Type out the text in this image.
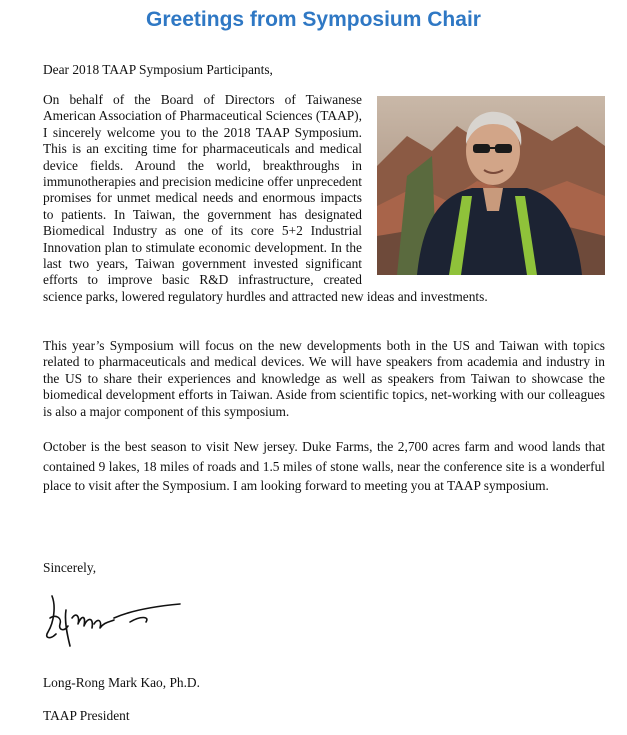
Greetings from Symposium Chair

Dear 2018 TAAP Symposium Participants,

On behalf of the Board of Directors of Taiwanese American Association of Pharmaceutical Sciences (TAAP), I sincerely welcome you to the 2018 TAAP Symposium. This is an exciting time for pharmaceuticals and medical device fields. Around the world, breakthroughs in immunotherapies and precision medicine offer unprecedent promises for unmet medical needs and enormous impacts to patients. In Taiwan, the government has designated Biomedical Industry as one of its core 5+2 Industrial Innovation plan to stimulate economic development. In the last two years, Taiwan government invested significant efforts to improve basic R&D infrastructure, created science parks, lowered regulatory hurdles and attracted new ideas and investments.

This year’s Symposium will focus on the new developments both in the US and Taiwan with topics related to pharmaceuticals and medical devices. We will have speakers from academia and industry in the US to share their experiences and knowledge as well as speakers from Taiwan to showcase the biomedical development efforts in Taiwan. Aside from scientific topics, net-working with our colleagues is also a major component of this symposium.

October is the best season to visit New jersey. Duke Farms, the 2,700 acres farm and wood lands that contained 9 lakes, 18 miles of roads and 1.5 miles of stone walls, near the conference site is a wonderful place to visit after the Symposium. I am looking forward to meeting you at TAAP symposium.

Sincerely,

Long-Rong Mark Kao, Ph.D.

TAAP President
